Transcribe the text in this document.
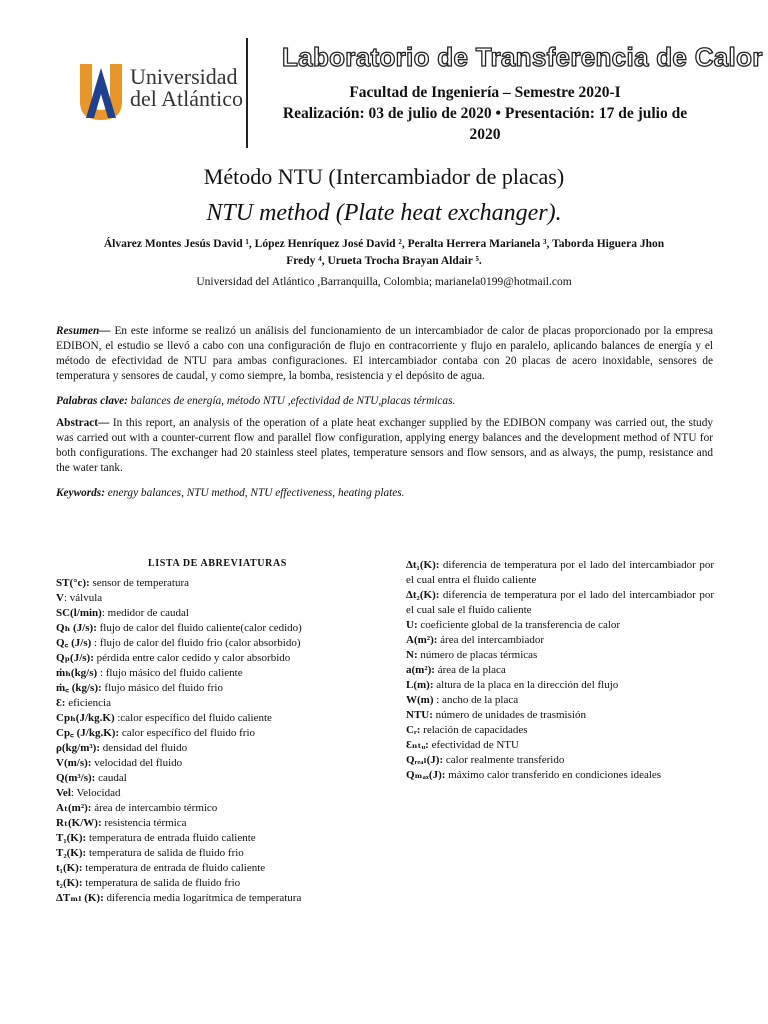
Universidad
del Atlántico
Laboratorio de Transferencia de Calor
Facultad de Ingeniería – Semestre 2020-I
Realización: 03 de julio de 2020 • Presentación: 17 de julio de
2020
Método NTU (Intercambiador de placas)
NTU method (Plate heat exchanger).
Álvarez Montes Jesús David ¹, López Henríquez José David ², Peralta Herrera Marianela ³, Taborda Higuera Jhon
Fredy ⁴, Urueta Trocha Brayan Aldair ⁵.
Universidad del Atlántico ,Barranquilla, Colombia; marianela0199@hotmail.com
Resumen— En este informe se realizó un análisis del funcionamiento de un intercambiador de calor de placas proporcionado por la empresa EDIBON, el estudio se llevó a cabo con una configuración de flujo en contracorriente y flujo en paralelo, aplicando balances de energía y el método de efectividad de NTU para ambas configuraciones. El intercambiador contaba con 20 placas de acero inoxidable, sensores de temperatura y sensores de caudal, y como siempre, la bomba, resistencia y el depósito de agua.
Palabras clave: balances de energía, método NTU ,efectividad de NTU,placas térmicas.
Abstract— In this report, an analysis of the operation of a plate heat exchanger supplied by the EDIBON company was carried out, the study was carried out with a counter-current flow and parallel flow configuration, applying energy balances and the development method of NTU for both configurations. The exchanger had 20 stainless steel plates, temperature sensors and flow sensors, and as always, the pump, resistance and the water tank.
Keywords: energy balances, NTU method, NTU effectiveness, heating plates.
LISTA DE ABREVIATURAS
ST(°c): sensor de temperatura
V: válvula
SC(l/min): medidor de caudal
Qₕ (J/s): flujo de calor del fluido caliente(calor cedido)
Q꜀ (J/s) : flujo de calor del fluido frio (calor absorbido)
Qₚ(J/s): pérdida entre calor cedido y calor absorbido
ṁₕ(kg/s) : flujo másico del fluido caliente
ṁ꜀ (kg/s): flujo másico del fluido frio
Ɛ: eficiencia
Cpₕ(J/kg.K) :calor específico del fluido caliente
Cp꜀ (J/kg.K): calor específico del fluido frio
ρ(kg/m³): densidad del fluido
V(m/s): velocidad del fluido
Q(m³/s): caudal
Vel: Velocidad
Aₜ(m²): área de intercambio térmico
Rₜ(K/W): resistencia térmica
T₁(K): temperatura de entrada fluido caliente
T₂(K): temperatura de salida de fluido frio
t₁(K): temperatura de entrada de fluido caliente
t₂(K): temperatura de salida de fluido frio
ΔTₘₗ (K): diferencia media logarítmica de temperatura
Δt₁(K): diferencia de temperatura por el lado del intercambiador por el cual entra el fluido caliente
Δt₂(K): diferencia de temperatura por el lado del intercambiador por el cual sale el fluido caliente
U: coeficiente global de la transferencia de calor
A(m²): área del intercambiador
N: número de placas térmicas
a(m²): área de la placa
L(m): altura de la placa en la dirección del flujo
W(m) : ancho de la placa
NTU: número de unidades de trasmisión
Cᵣ: relación de capacidades
Ɛₙₜᵤ: efectividad de NTU
Qᵣₑₐₗ(J): calor realmente transferido
Qₘₐₓ(J): máximo calor transferido en condiciones ideales
